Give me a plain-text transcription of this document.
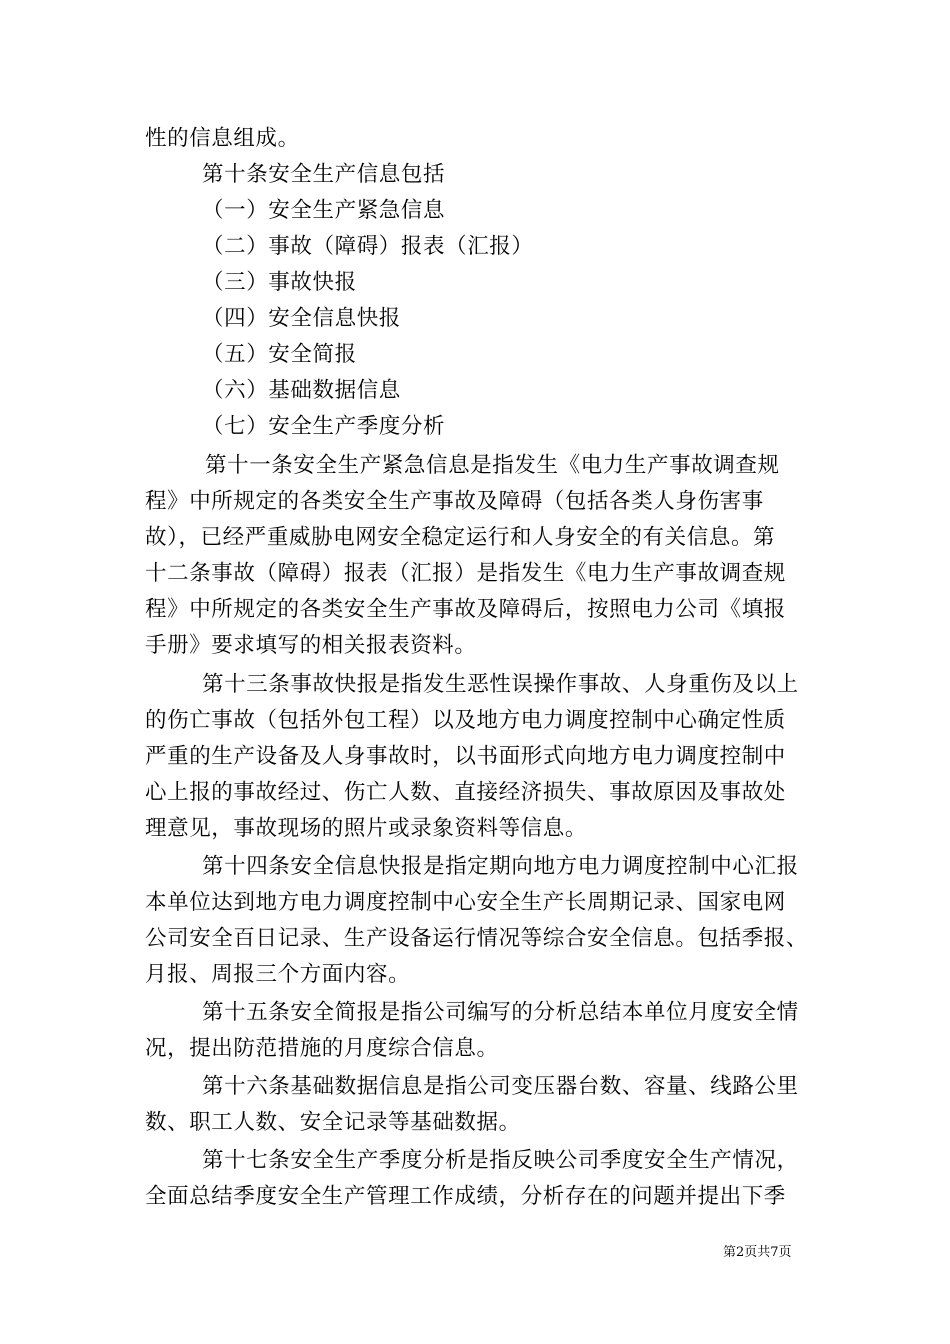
性的信息组成。
第十条安全生产信息包括
（一）安全生产紧急信息
（二）事故（障碍）报表（汇报）
（三）事故快报
（四）安全信息快报
（五）安全简报
（六）基础数据信息
（七）安全生产季度分析
第十一条安全生产紧急信息是指发生《电力生产事故调查规
程》中所规定的各类安全生产事故及障碍（包括各类人身伤害事
故），已经严重威胁电网安全稳定运行和人身安全的有关信息。第
十二条事故（障碍）报表（汇报）是指发生《电力生产事故调查规
程》中所规定的各类安全生产事故及障碍后，按照电力公司《填报
手册》要求填写的相关报表资料。
第十三条事故快报是指发生恶性误操作事故、人身重伤及以上
的伤亡事故（包括外包工程）以及地方电力调度控制中心确定性质
严重的生产设备及人身事故时，以书面形式向地方电力调度控制中
心上报的事故经过、伤亡人数、直接经济损失、事故原因及事故处
理意见，事故现场的照片或录象资料等信息。
第十四条安全信息快报是指定期向地方电力调度控制中心汇报
本单位达到地方电力调度控制中心安全生产长周期记录、国家电网
公司安全百日记录、生产设备运行情况等综合安全信息。包括季报、
月报、周报三个方面内容。
第十五条安全简报是指公司编写的分析总结本单位月度安全情
况，提出防范措施的月度综合信息。
第十六条基础数据信息是指公司变压器台数、容量、线路公里
数、职工人数、安全记录等基础数据。
第十七条安全生产季度分析是指反映公司季度安全生产情况，
全面总结季度安全生产管理工作成绩，分析存在的问题并提出下季
第2页共7页
